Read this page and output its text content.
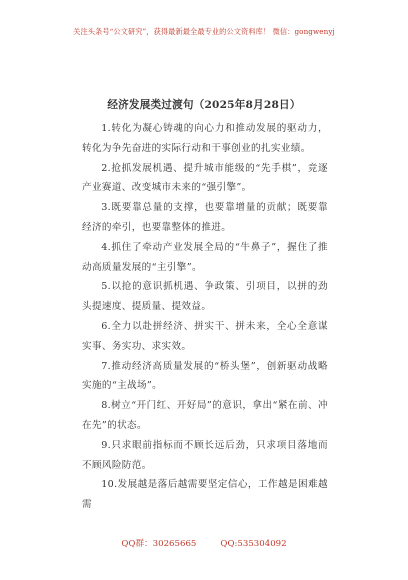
关注头条号“公文研究”，获得最新最全最专业的公文资料库！ 微信：gongwenyj
经济发展类过渡句（2025年8月28日）

1.转化为凝心铸魂的向心力和推动发展的驱动力，转化为争先奋进的实际行动和干事创业的扎实业绩。

2.抢抓发展机遇、提升城市能级的“先手棋”，竞逐产业赛道、改变城市未来的“强引擎”。

3.既要靠总量的支撑，也要靠增量的贡献；既要靠经济的牵引，也要靠整体的推进。

4.抓住了牵动产业发展全局的“牛鼻子”，握住了推动高质量发展的“主引擎”。

5.以抢的意识抓机遇、争政策、引项目，以拼的劲头提速度、提质量、提效益。

6.全力以赴拼经济、拼实干、拼未来，全心全意谋实事、务实功、求实效。

7.推动经济高质量发展的“桥头堡”，创新驱动战略实施的“主战场”。

8.树立“开门红、开好局”的意识，拿出“紧在前、冲在先”的状态。

9.只求眼前指标而不顾长远后劲，只求项目落地而不顾风险防范。

10.发展越是落后越需要坚定信心，工作越是困难越需

QQ群：30265665	QQ:535304092
